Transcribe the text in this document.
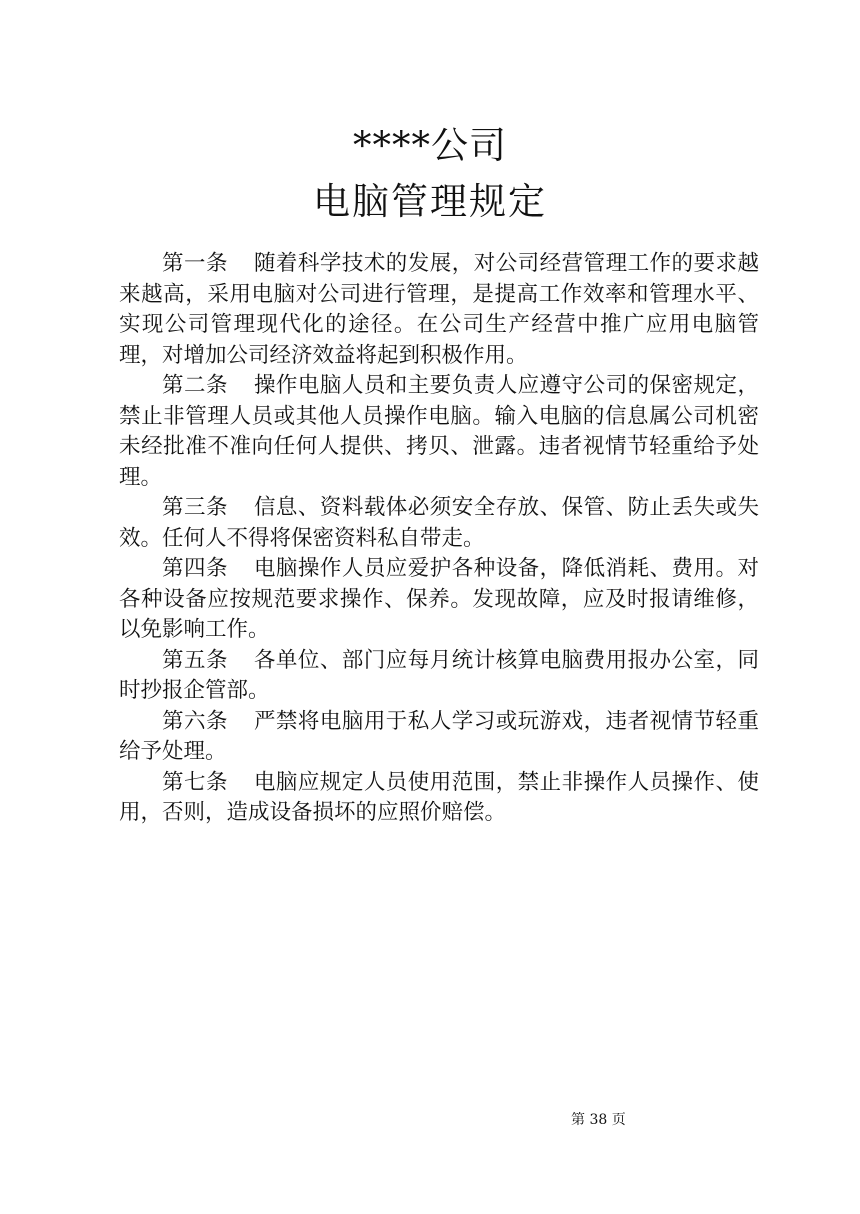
****公司
电脑管理规定

第一条 随着科学技术的发展，对公司经营管理工作的要求越来越高，采用电脑对公司进行管理，是提高工作效率和管理水平、实现公司管理现代化的途径。在公司生产经营中推广应用电脑管理，对增加公司经济效益将起到积极作用。

第二条 操作电脑人员和主要负责人应遵守公司的保密规定，禁止非管理人员或其他人员操作电脑。输入电脑的信息属公司机密未经批准不准向任何人提供、拷贝、泄露。违者视情节轻重给予处理。

第三条 信息、资料载体必须安全存放、保管、防止丢失或失效。任何人不得将保密资料私自带走。

第四条 电脑操作人员应爱护各种设备，降低消耗、费用。对各种设备应按规范要求操作、保养。发现故障，应及时报请维修，以免影响工作。

第五条 各单位、部门应每月统计核算电脑费用报办公室，同时抄报企管部。

第六条 严禁将电脑用于私人学习或玩游戏，违者视情节轻重给予处理。

第七条 电脑应规定人员使用范围，禁止非操作人员操作、使用，否则，造成设备损坏的应照价赔偿。

第 38 页
